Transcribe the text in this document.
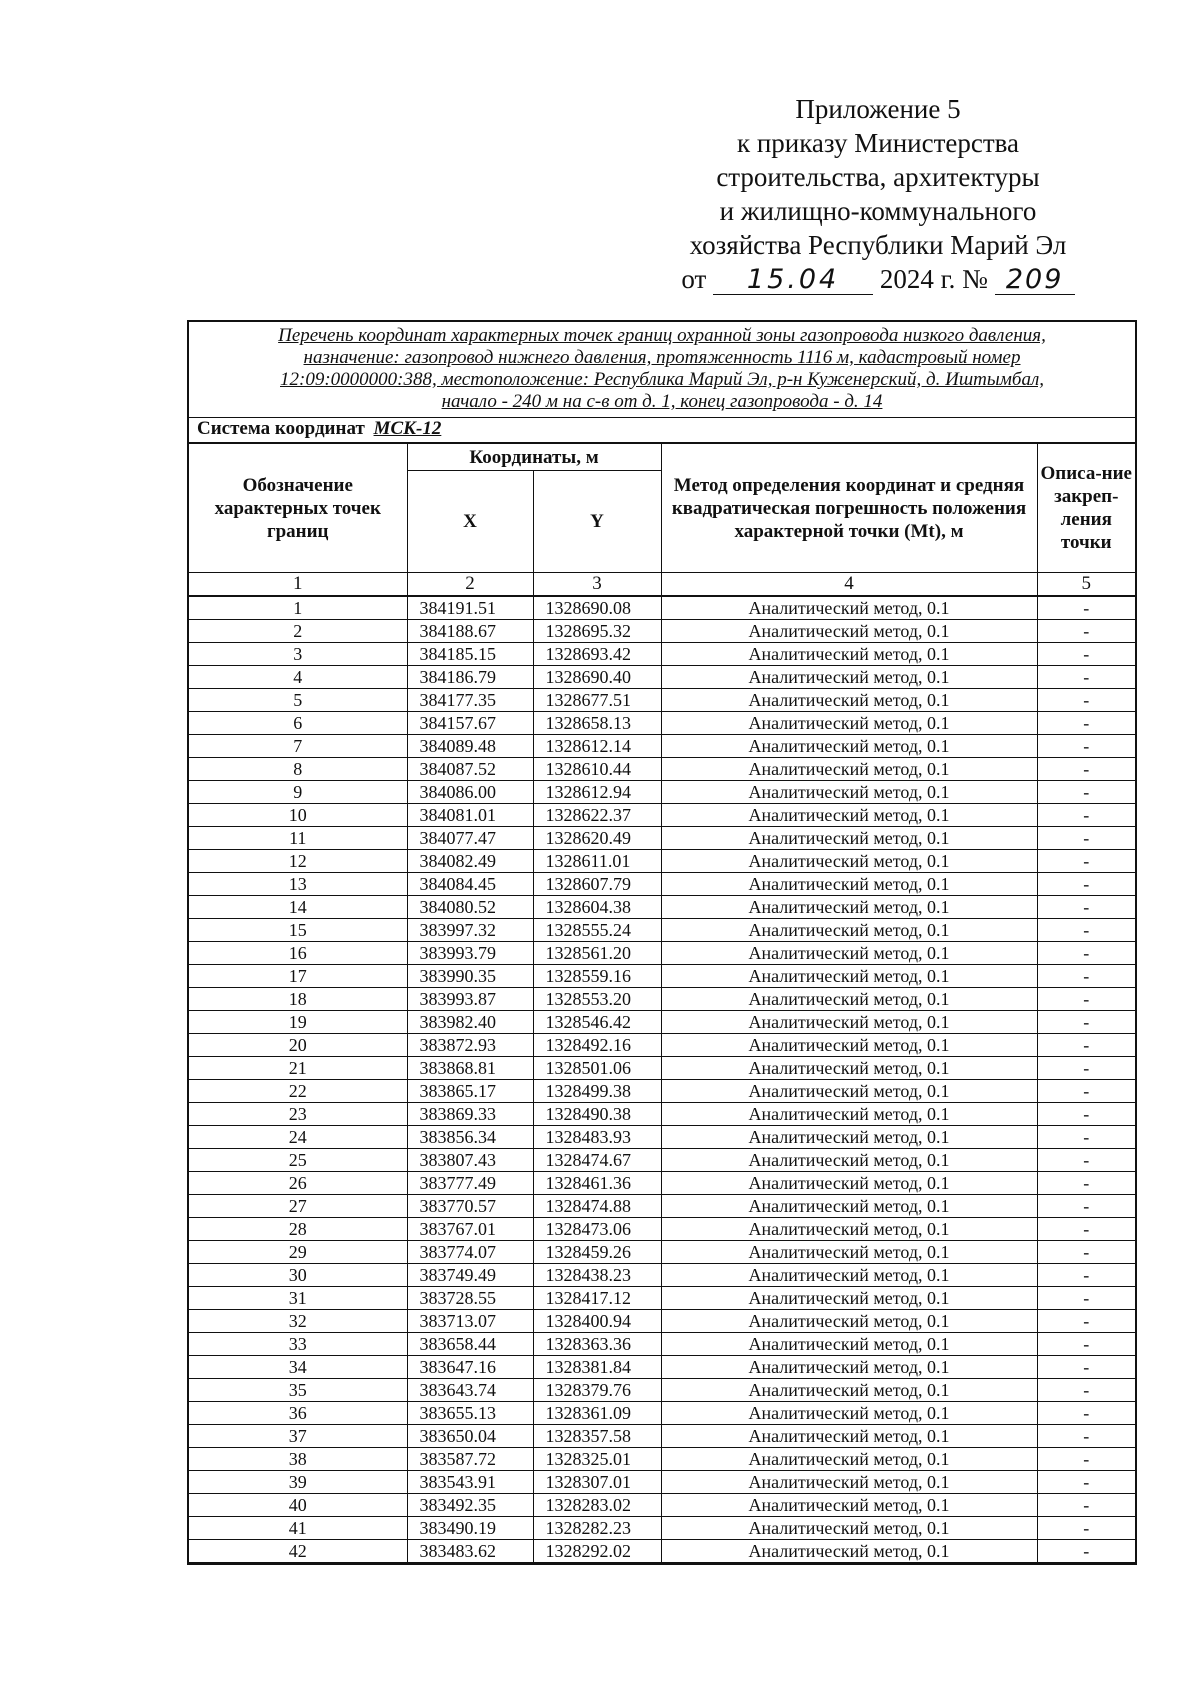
Приложение 5
к приказу Министерства
строительства, архитектуры
и жилищно-коммунального
хозяйства Республики Марий Эл
от 15.04 2024 г. № 209
Перечень координат характерных точек границ охранной зоны газопровода низкого давления,
назначение: газопровод нижнего давления, протяженность 1116 м, кадастровый номер
12:09:0000000:388, местоположение: Республика Марий Эл, р-н Куженерский, д. Иштымбал,
начало - 240 м на с-в от д. 1, конец газопровода - д. 14
Система координат МСК-12
Обозначение характерных точек границ	Координаты, м		Метод определения координат и средняя квадратическая погрешность положения характерной точки (Mt), м	Описа-ние закреп-ления точки
	X	Y		
1	2	3	4	5
1	384191.51	1328690.08	Аналитический метод, 0.1	-
2	384188.67	1328695.32	Аналитический метод, 0.1	-
3	384185.15	1328693.42	Аналитический метод, 0.1	-
4	384186.79	1328690.40	Аналитический метод, 0.1	-
5	384177.35	1328677.51	Аналитический метод, 0.1	-
6	384157.67	1328658.13	Аналитический метод, 0.1	-
7	384089.48	1328612.14	Аналитический метод, 0.1	-
8	384087.52	1328610.44	Аналитический метод, 0.1	-
9	384086.00	1328612.94	Аналитический метод, 0.1	-
10	384081.01	1328622.37	Аналитический метод, 0.1	-
11	384077.47	1328620.49	Аналитический метод, 0.1	-
12	384082.49	1328611.01	Аналитический метод, 0.1	-
13	384084.45	1328607.79	Аналитический метод, 0.1	-
14	384080.52	1328604.38	Аналитический метод, 0.1	-
15	383997.32	1328555.24	Аналитический метод, 0.1	-
16	383993.79	1328561.20	Аналитический метод, 0.1	-
17	383990.35	1328559.16	Аналитический метод, 0.1	-
18	383993.87	1328553.20	Аналитический метод, 0.1	-
19	383982.40	1328546.42	Аналитический метод, 0.1	-
20	383872.93	1328492.16	Аналитический метод, 0.1	-
21	383868.81	1328501.06	Аналитический метод, 0.1	-
22	383865.17	1328499.38	Аналитический метод, 0.1	-
23	383869.33	1328490.38	Аналитический метод, 0.1	-
24	383856.34	1328483.93	Аналитический метод, 0.1	-
25	383807.43	1328474.67	Аналитический метод, 0.1	-
26	383777.49	1328461.36	Аналитический метод, 0.1	-
27	383770.57	1328474.88	Аналитический метод, 0.1	-
28	383767.01	1328473.06	Аналитический метод, 0.1	-
29	383774.07	1328459.26	Аналитический метод, 0.1	-
30	383749.49	1328438.23	Аналитический метод, 0.1	-
31	383728.55	1328417.12	Аналитический метод, 0.1	-
32	383713.07	1328400.94	Аналитический метод, 0.1	-
33	383658.44	1328363.36	Аналитический метод, 0.1	-
34	383647.16	1328381.84	Аналитический метод, 0.1	-
35	383643.74	1328379.76	Аналитический метод, 0.1	-
36	383655.13	1328361.09	Аналитический метод, 0.1	-
37	383650.04	1328357.58	Аналитический метод, 0.1	-
38	383587.72	1328325.01	Аналитический метод, 0.1	-
39	383543.91	1328307.01	Аналитический метод, 0.1	-
40	383492.35	1328283.02	Аналитический метод, 0.1	-
41	383490.19	1328282.23	Аналитический метод, 0.1	-
42	383483.62	1328292.02	Аналитический метод, 0.1	-
